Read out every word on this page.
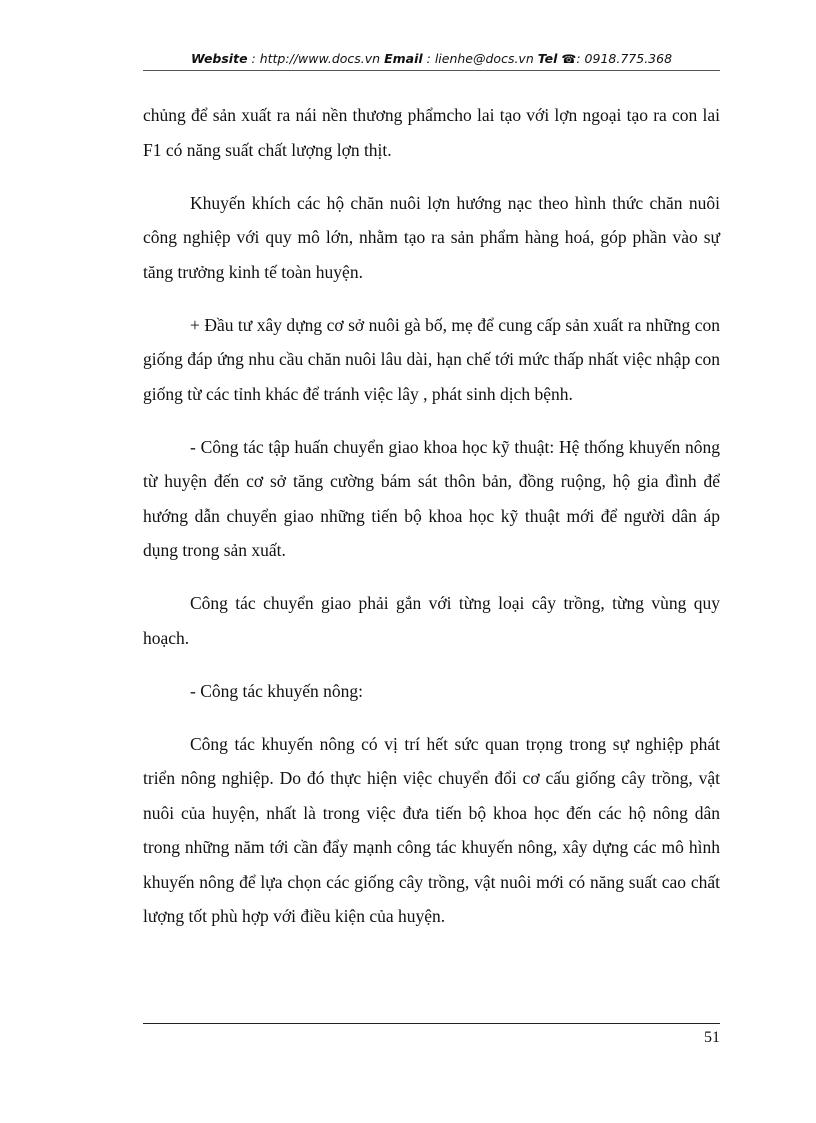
Website : http://www.docs.vn Email : lienhe@docs.vn Tel ☎: 0918.775.368

chủng để sản xuất ra nái nền thương phẩmcho lai tạo với lợn ngoại tạo ra con lai F1 có năng suất chất lượng lợn thịt.

Khuyến khích các hộ chăn nuôi lợn hướng nạc theo hình thức chăn nuôi công nghiệp với quy mô lớn, nhằm tạo ra sản phẩm hàng hoá, góp phần vào sự tăng trưởng kinh tế toàn huyện.

+ Đầu tư xây dựng cơ sở nuôi gà bố, mẹ để cung cấp sản xuất ra những con giống đáp ứng nhu cầu chăn nuôi lâu dài, hạn chế tới mức thấp nhất việc nhập con giống từ các tỉnh khác để tránh việc lây , phát sinh dịch bệnh.

- Công tác tập huấn chuyển giao khoa học kỹ thuật: Hệ thống khuyến nông từ huyện đến cơ sở tăng cường bám sát thôn bản, đồng ruộng, hộ gia đình để hướng dẫn chuyển giao những tiến bộ khoa học kỹ thuật mới để người dân áp dụng trong sản xuất.

Công tác chuyển giao phải gắn với từng loại cây trồng, từng vùng quy hoạch.

- Công tác khuyến nông:

Công tác khuyến nông có vị trí hết sức quan trọng trong sự nghiệp phát triển nông nghiệp. Do đó thực hiện việc chuyển đổi cơ cấu giống cây trồng, vật nuôi của huyện, nhất là trong việc đưa tiến bộ khoa học đến các hộ nông dân trong những năm tới cần đẩy mạnh công tác khuyến nông, xây dựng các mô hình khuyến nông để lựa chọn các giống cây trồng, vật nuôi mới có năng suất cao chất lượng tốt phù hợp với điều kiện của huyện.

51
